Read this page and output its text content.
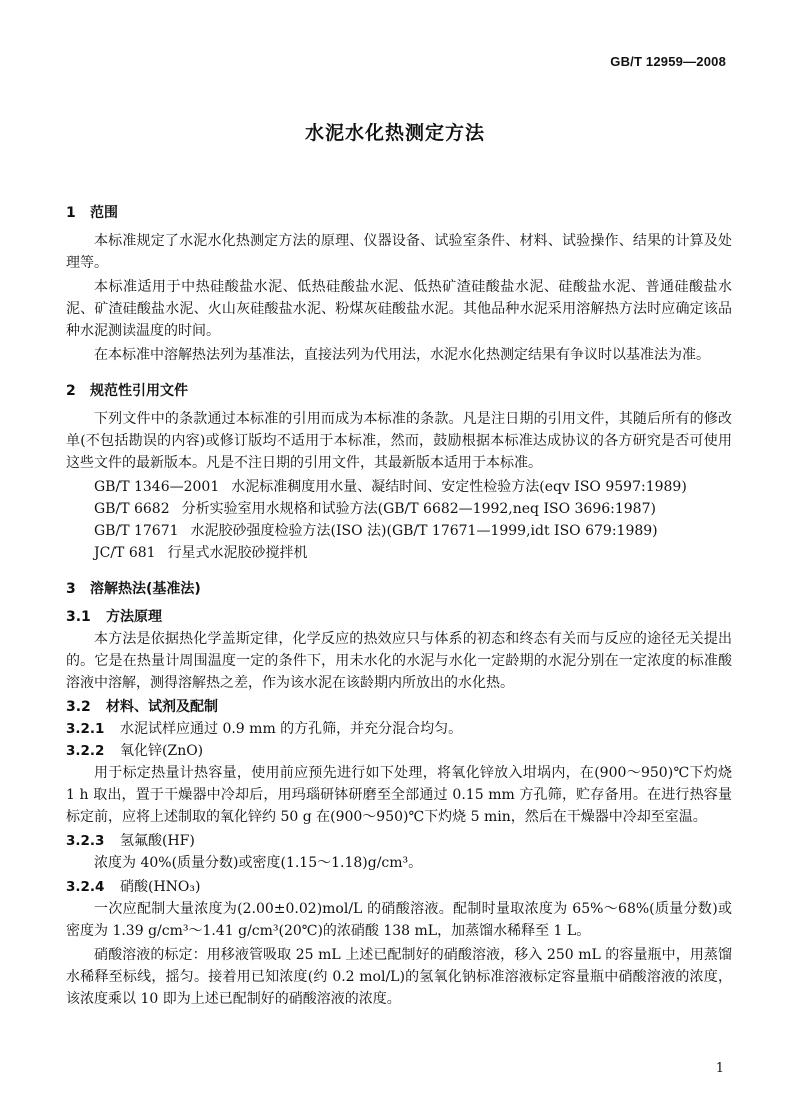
GB/T 12959—2008
水泥水化热测定方法
1 范围

本标准规定了水泥水化热测定方法的原理、仪器设备、试验室条件、材料、试验操作、结果的计算及处理等。

本标准适用于中热硅酸盐水泥、低热硅酸盐水泥、低热矿渣硅酸盐水泥、硅酸盐水泥、普通硅酸盐水泥、矿渣硅酸盐水泥、火山灰硅酸盐水泥、粉煤灰硅酸盐水泥。其他品种水泥采用溶解热方法时应确定该品种水泥测读温度的时间。

在本标准中溶解热法列为基准法，直接法列为代用法，水泥水化热测定结果有争议时以基准法为准。

2 规范性引用文件

下列文件中的条款通过本标准的引用而成为本标准的条款。凡是注日期的引用文件，其随后所有的修改单(不包括勘误的内容)或修订版均不适用于本标准，然而，鼓励根据本标准达成协议的各方研究是否可使用这些文件的最新版本。凡是不注日期的引用文件，其最新版本适用于本标准。

GB/T 1346—2001 水泥标准稠度用水量、凝结时间、安定性检验方法(eqv ISO 9597:1989)
GB/T 6682 分析实验室用水规格和试验方法(GB/T 6682—1992,neq ISO 3696:1987)
GB/T 17671 水泥胶砂强度检验方法(ISO 法)(GB/T 17671—1999,idt ISO 679:1989)
JC/T 681 行星式水泥胶砂搅拌机
3 溶解热法(基准法)
3.1 方法原理

本方法是依据热化学盖斯定律，化学反应的热效应只与体系的初态和终态有关而与反应的途径无关提出的。它是在热量计周围温度一定的条件下，用未水化的水泥与水化一定龄期的水泥分别在一定浓度的标准酸溶液中溶解，测得溶解热之差，作为该水泥在该龄期内所放出的水化热。

3.2 材料、试剂及配制
3.2.1 水泥试样应通过 0.9 mm 的方孔筛，并充分混合均匀。
3.2.2 氧化锌(ZnO)

用于标定热量计热容量，使用前应预先进行如下处理，将氧化锌放入坩埚内，在(900～950)℃下灼烧 1 h 取出，置于干燥器中冷却后，用玛瑙研钵研磨至全部通过 0.15 mm 方孔筛，贮存备用。在进行热容量标定前，应将上述制取的氧化锌约 50 g 在(900～950)℃下灼烧 5 min，然后在干燥器中冷却至室温。

3.2.3 氢氟酸(HF)

浓度为 40%(质量分数)或密度(1.15～1.18)g/cm³。

3.2.4 硝酸(HNO₃)

一次应配制大量浓度为(2.00±0.02)mol/L 的硝酸溶液。配制时量取浓度为 65%～68%(质量分数)或密度为 1.39 g/cm³～1.41 g/cm³(20℃)的浓硝酸 138 mL，加蒸馏水稀释至 1 L。

硝酸溶液的标定：用移液管吸取 25 mL 上述已配制好的硝酸溶液，移入 250 mL 的容量瓶中，用蒸馏水稀释至标线，摇匀。接着用已知浓度(约 0.2 mol/L)的氢氧化钠标准溶液标定容量瓶中硝酸溶液的浓度，该浓度乘以 10 即为上述已配制好的硝酸溶液的浓度。

1
